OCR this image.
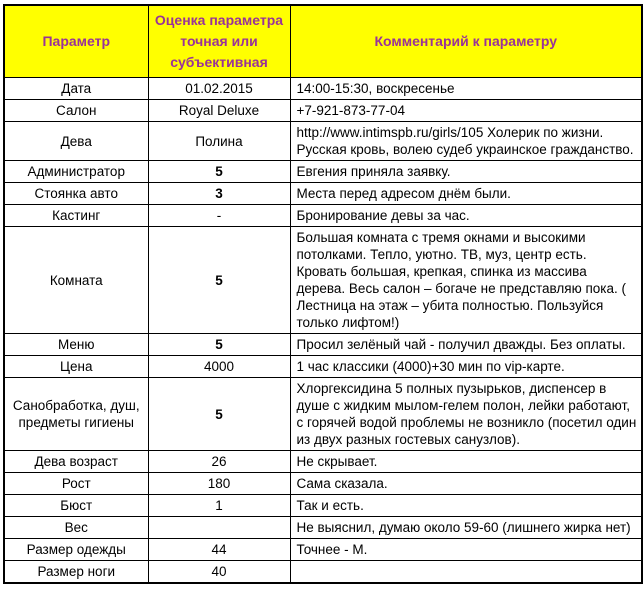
Параметр	Оценка параметра точная или субъективная	Комментарий к параметру
Дата	01.02.2015	14:00-15:30, воскресенье
Салон	Royal Deluxe	+7-921-873-77-04
Дева	Полина	http://www.intimspb.ru/girls/105 Холерик по жизни. Русская кровь, волею судеб украинское гражданство.
Администратор	5	Евгения приняла заявку.
Стоянка авто	3	Места перед адресом днём были.
Кастинг	-	Бронирование девы за час.
Комната	5	Большая комната с тремя окнами и высокими потолками. Тепло, уютно. ТВ, муз, центр есть. Кровать большая, крепкая, спинка из массива дерева. Весь салон – богаче не представляю пока. ( Лестница на этаж – убита полностью. Пользуйся только лифтом!)
Меню	5	Просил зелёный чай - получил дважды. Без оплаты.
Цена	4000	1 час классики (4000)+30 мин по vip-карте.
Санобработка, душ, предметы гигиены	5	Хлоргексидина 5 полных пузырьков, диспенсер в душе с жидким мылом-гелем полон, лейки работают, с горячей водой проблемы не возникло (посетил один из двух разных гостевых санузлов).
Дева возраст	26	Не скрывает.
Рост	180	Сама сказала.
Бюст	1	Так и есть.
Вес		Не выяснил, думаю около 59-60 (лишнего жирка нет)
Размер одежды	44	Точнее - М.
Размер ноги	40	
